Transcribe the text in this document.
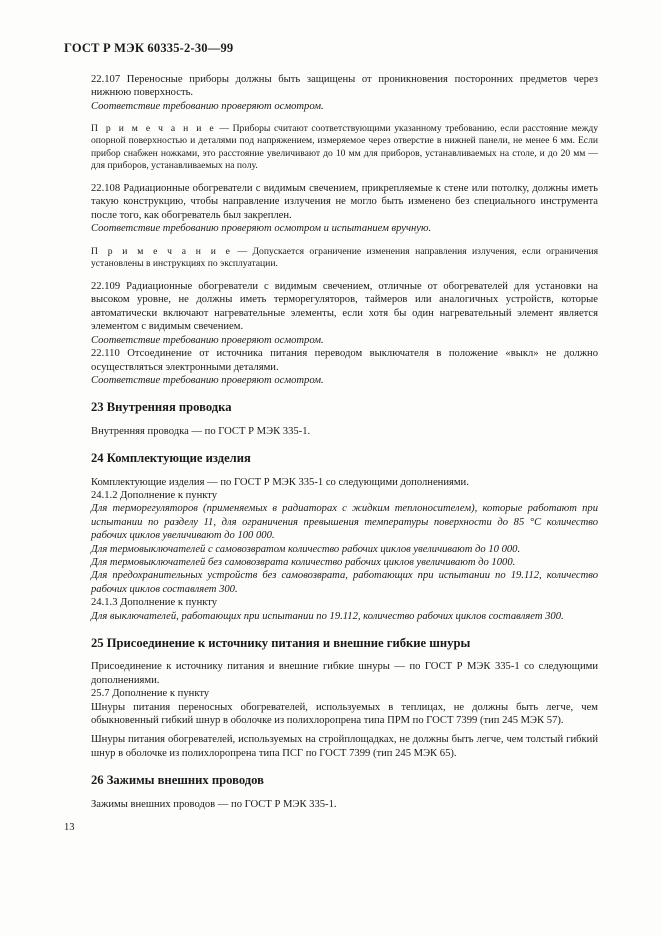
ГОСТ Р МЭК 60335-2-30—99

22.107 Переносные приборы должны быть защищены от проникновения посторонних предметов через нижнюю поверхность.

Соответствие требованию проверяют осмотром.

П р и м е ч а н и е — Приборы считают соответствующими указанному требованию, если расстояние между опорной поверхностью и деталями под напряжением, измеряемое через отверстие в нижней панели, не менее 6 мм. Если прибор снабжен ножками, это расстояние увеличивают до 10 мм для приборов, устанавливаемых на столе, и до 20 мм — для приборов, устанавливаемых на полу.

22.108 Радиационные обогреватели с видимым свечением, прикрепляемые к стене или потолку, должны иметь такую конструкцию, чтобы направление излучения не могло быть изменено без специального инструмента после того, как обогреватель был закреплен.

Соответствие требованию проверяют осмотром и испытанием вручную.

П р и м е ч а н и е — Допускается ограничение изменения направления излучения, если ограничения установлены в инструкциях по эксплуатации.

22.109 Радиационные обогреватели с видимым свечением, отличные от обогревателей для установки на высоком уровне, не должны иметь терморегуляторов, таймеров или аналогичных устройств, которые автоматически включают нагревательные элементы, если хотя бы один нагревательный элемент является элементом с видимым свечением.

Соответствие требованию проверяют осмотром.

22.110 Отсоединение от источника питания переводом выключателя в положение «выкл» не должно осуществляться электронными деталями.

Соответствие требованию проверяют осмотром.

23 Внутренняя проводка

Внутренняя проводка — по ГОСТ Р МЭК 335-1.

24 Комплектующие изделия

Комплектующие изделия — по ГОСТ Р МЭК 335-1 со следующими дополнениями.

24.1.2 Дополнение к пункту

Для терморегуляторов (применяемых в радиаторах с жидким теплоносителем), которые работают при испытании по разделу 11, для ограничения превышения температуры поверхности до 85 °С количество рабочих циклов увеличивают до 100 000.

Для термовыключателей с самовозвратом количество рабочих циклов увеличивают до 10 000.

Для термовыключателей без самовозврата количество рабочих циклов увеличивают до 1000.

Для предохранительных устройств без самовозврата, работающих при испытании по 19.112, количество рабочих циклов составляет 300.

24.1.3 Дополнение к пункту

Для выключателей, работающих при испытании по 19.112, количество рабочих циклов составляет 300.

25 Присоединение к источнику питания и внешние гибкие шнуры

Присоединение к источнику питания и внешние гибкие шнуры — по ГОСТ Р МЭК 335-1 со следующими дополнениями.

25.7 Дополнение к пункту

Шнуры питания переносных обогревателей, используемых в теплицах, не должны быть легче, чем обыкновенный гибкий шнур в оболочке из полихлоропрена типа ПРМ по ГОСТ 7399 (тип 245 МЭК 57).

Шнуры питания обогревателей, используемых на стройплощадках, не должны быть легче, чем толстый гибкий шнур в оболочке из полихлоропрена типа ПСГ по ГОСТ 7399 (тип 245 МЭК 65).

26 Зажимы внешних проводов

Зажимы внешних проводов — по ГОСТ Р МЭК 335-1.

13
